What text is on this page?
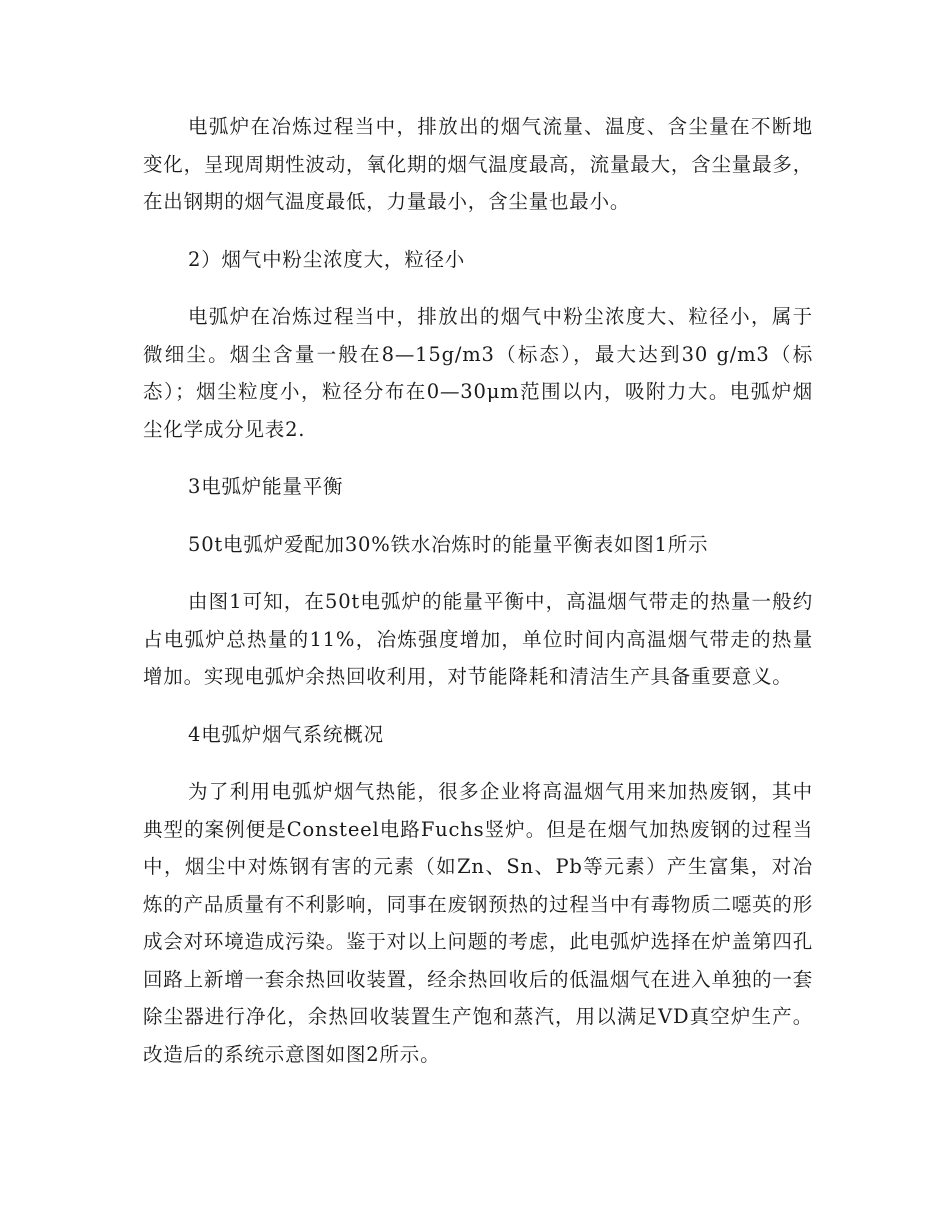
电弧炉在冶炼过程当中，排放出的烟气流量、温度、含尘量在不断地变化，呈现周期性波动，氧化期的烟气温度最高，流量最大，含尘量最多，在出钢期的烟气温度最低，力量最小，含尘量也最小。

2）烟气中粉尘浓度大，粒径小

电弧炉在冶炼过程当中，排放出的烟气中粉尘浓度大、粒径小，属于微细尘。烟尘含量一般在8—15g/m3（标态），最大达到30 g/m3（标态）；烟尘粒度小，粒径分布在0—30μm范围以内，吸附力大。电弧炉烟尘化学成分见表2.

3电弧炉能量平衡

50t电弧炉爱配加30%铁水冶炼时的能量平衡表如图1所示

由图1可知，在50t电弧炉的能量平衡中，高温烟气带走的热量一般约占电弧炉总热量的11%，冶炼强度增加，单位时间内高温烟气带走的热量增加。实现电弧炉余热回收利用，对节能降耗和清洁生产具备重要意义。

4电弧炉烟气系统概况

为了利用电弧炉烟气热能，很多企业将高温烟气用来加热废钢，其中典型的案例便是Consteel电路Fuchs竖炉。但是在烟气加热废钢的过程当中，烟尘中对炼钢有害的元素（如Zn、Sn、Pb等元素）产生富集，对冶炼的产品质量有不利影响，同事在废钢预热的过程当中有毒物质二噁英的形成会对环境造成污染。鉴于对以上问题的考虑，此电弧炉选择在炉盖第四孔回路上新增一套余热回收装置，经余热回收后的低温烟气在进入单独的一套除尘器进行净化，余热回收装置生产饱和蒸汽，用以满足VD真空炉生产。改造后的系统示意图如图2所示。
